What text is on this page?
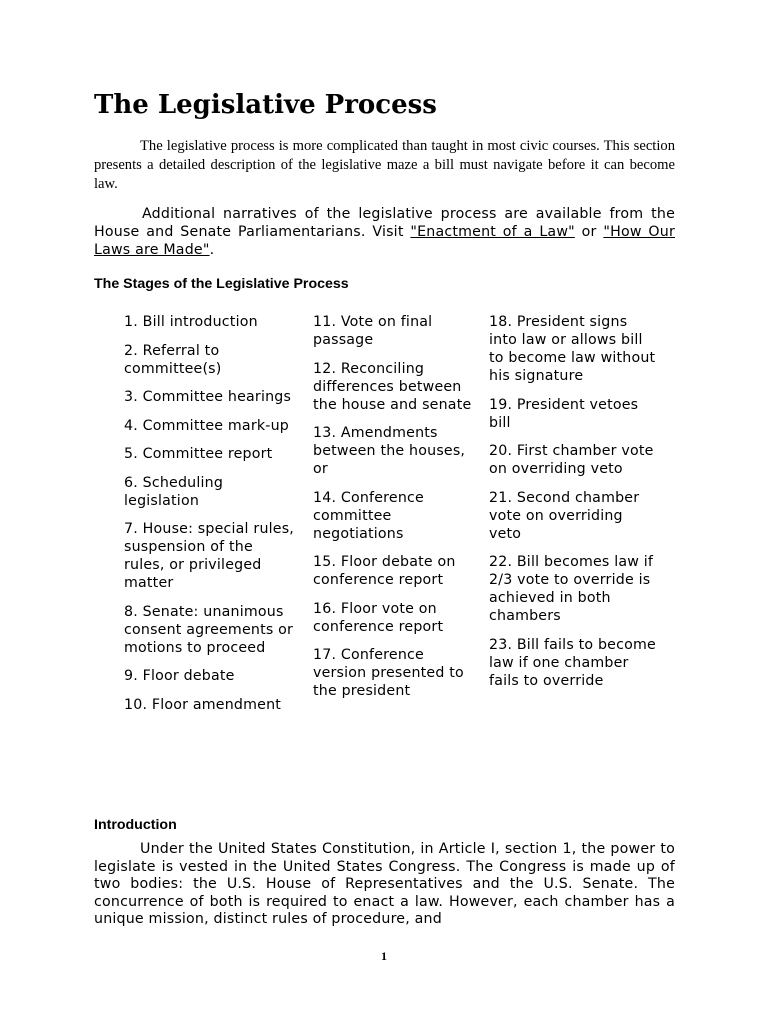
The Legislative Process

The legislative process is more complicated than taught in most civic courses. This section presents a detailed description of the legislative maze a bill must navigate before it can become law.

Additional narratives of the legislative process are available from the House and Senate Parliamentarians. Visit "Enactment of a Law" or "How Our Laws are Made".

The Stages of the Legislative Process
1. Bill introduction
2. Referral to committee(s)
3. Committee hearings
4. Committee mark-up
5. Committee report
6. Scheduling legislation
7. House: special rules, suspension of the rules, or privileged matter
8. Senate: unanimous consent agreements or motions to proceed
9. Floor debate
10. Floor amendment
11. Vote on final passage
12. Reconciling differences between the house and senate
13. Amendments between the houses, or
14. Conference committee negotiations
15. Floor debate on conference report
16. Floor vote on conference report
17. Conference version presented to the president
18. President signs into law or allows bill to become law without his signature
19. President vetoes bill
20. First chamber vote on overriding veto
21. Second chamber vote on overriding veto
22. Bill becomes law if 2/3 vote to override is achieved in both chambers
23. Bill fails to become law if one chamber fails to override
Introduction

Under the United States Constitution, in Article I, section 1, the power to legislate is vested in the United States Congress. The Congress is made up of two bodies: the U.S. House of Representatives and the U.S. Senate. The concurrence of both is required to enact a law. However, each chamber has a unique mission, distinct rules of procedure, and

1
